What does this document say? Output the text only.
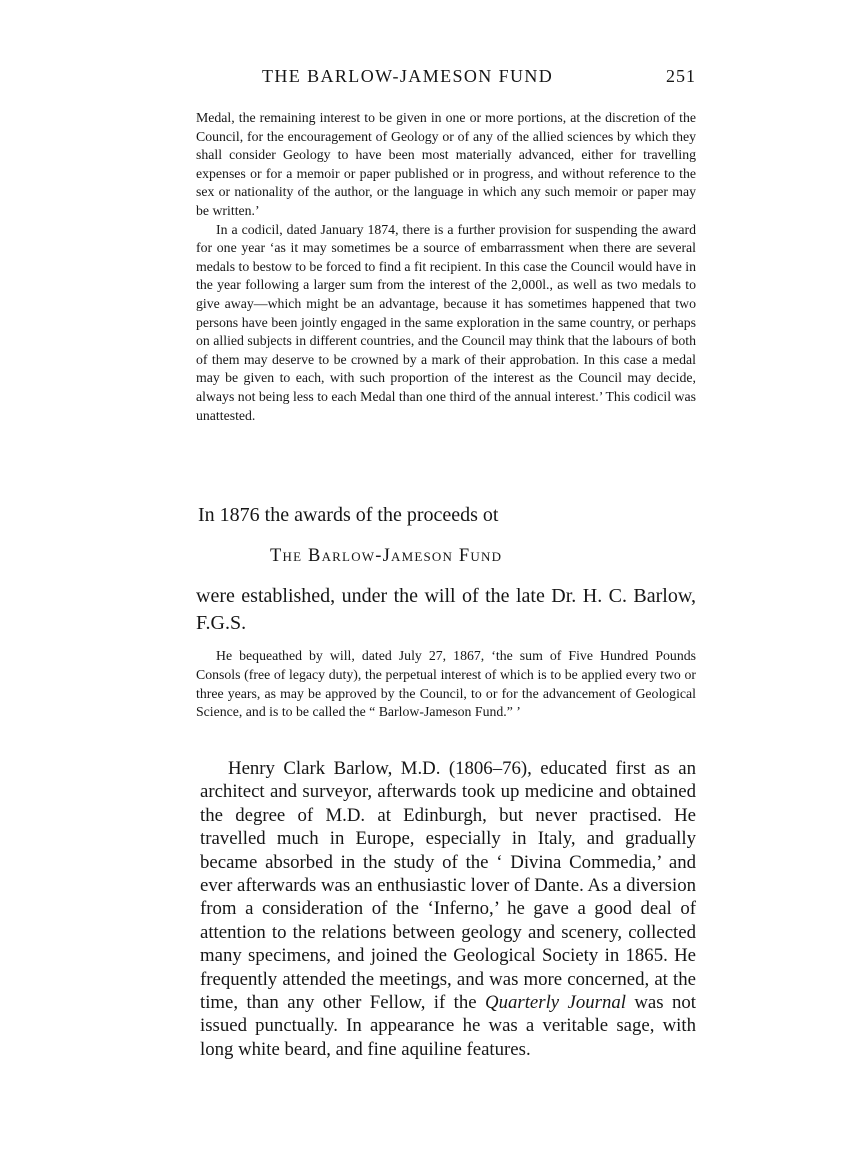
THE BARLOW-JAMESON FUND	251

Medal, the remaining interest to be given in one or more portions, at the discretion of the Council, for the encouragement of Geology or of any of the allied sciences by which they shall consider Geology to have been most materially advanced, either for travelling expenses or for a memoir or paper published or in progress, and without reference to the sex or nationality of the author, or the language in which any such memoir or paper may be written.’

In a codicil, dated January 1874, there is a further provision for suspending the award for one year ‘as it may sometimes be a source of embarrassment when there are several medals to bestow to be forced to find a fit recipient. In this case the Council would have in the year following a larger sum from the interest of the 2,000l., as well as two medals to give away—which might be an advantage, because it has sometimes happened that two persons have been jointly engaged in the same exploration in the same country, or perhaps on allied subjects in different countries, and the Council may think that the labours of both of them may deserve to be crowned by a mark of their approbation. In this case a medal may be given to each, with such proportion of the interest as the Council may decide, always not being less to each Medal than one third of the annual interest.’ This codicil was unattested.

In 1876 the awards of the proceeds ot
The Barlow-Jameson Fund

were established, under the will of the late Dr. H. C. Barlow, F.G.S.

He bequeathed by will, dated July 27, 1867, ‘the sum of Five Hundred Pounds Consols (free of legacy duty), the perpetual interest of which is to be applied every two or three years, as may be approved by the Council, to or for the advancement of Geological Science, and is to be called the “ Barlow-Jameson Fund.” ’

Henry Clark Barlow, M.D. (1806–76), educated first as an architect and surveyor, afterwards took up medicine and obtained the degree of M.D. at Edinburgh, but never practised. He travelled much in Europe, especially in Italy, and gradually became absorbed in the study of the ‘ Divina Commedia,’ and ever afterwards was an enthusiastic lover of Dante. As a diversion from a consideration of the ‘Inferno,’ he gave a good deal of attention to the relations between geology and scenery, collected many specimens, and joined the Geological Society in 1865. He frequently attended the meetings, and was more concerned, at the time, than any other Fellow, if the Quarterly Journal was not issued punctually. In appearance he was a veritable sage, with long white beard, and fine aquiline features.
